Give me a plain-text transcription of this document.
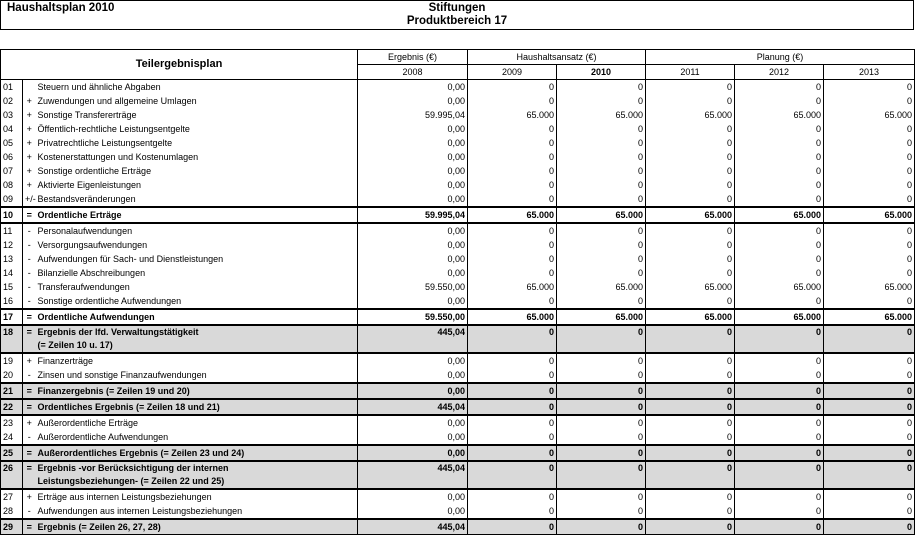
Haushaltsplan 2010	Stiftungen
Produktbereich 17
Teilergebnisplan			Ergebnis (€)	Haushaltsansatz (€)		Planung (€)		
			2008	2009	2010	2011	2012	2013
01		Steuern und ähnliche Abgaben	0,00	0	0	0	0	0
02	+	Zuwendungen und allgemeine Umlagen	0,00	0	0	0	0	0
03	+	Sonstige Transfererträge	59.995,04	65.000	65.000	65.000	65.000	65.000
04	+	Öffentlich-rechtliche Leistungsentgelte	0,00	0	0	0	0	0
05	+	Privatrechtliche Leistungsentgelte	0,00	0	0	0	0	0
06	+	Kostenerstattungen und Kostenumlagen	0,00	0	0	0	0	0
07	+	Sonstige ordentliche Erträge	0,00	0	0	0	0	0
08	+	Aktivierte Eigenleistungen	0,00	0	0	0	0	0
09	+/-	Bestandsveränderungen	0,00	0	0	0	0	0
10	=	Ordentliche Erträge	59.995,04	65.000	65.000	65.000	65.000	65.000
11	-	Personalaufwendungen	0,00	0	0	0	0	0
12	-	Versorgungsaufwendungen	0,00	0	0	0	0	0
13	-	Aufwendungen für Sach- und Dienstleistungen	0,00	0	0	0	0	0
14	-	Bilanzielle Abschreibungen	0,00	0	0	0	0	0
15	-	Transferaufwendungen	59.550,00	65.000	65.000	65.000	65.000	65.000
16	-	Sonstige ordentliche Aufwendungen	0,00	0	0	0	0	0
17	=	Ordentliche Aufwendungen	59.550,00	65.000	65.000	65.000	65.000	65.000
18	=	Ergebnis der lfd. Verwaltungstätigkeit
(= Zeilen 10 u. 17)	445,04	0	0	0	0	0
19	+	Finanzerträge	0,00	0	0	0	0	0
20	-	Zinsen und sonstige Finanzaufwendungen	0,00	0	0	0	0	0
21	=	Finanzergebnis (= Zeilen 19 und 20)	0,00	0	0	0	0	0
22	=	Ordentliches Ergebnis (= Zeilen 18 und 21)	445,04	0	0	0	0	0
23	+	Außerordentliche Erträge	0,00	0	0	0	0	0
24	-	Außerordentliche Aufwendungen	0,00	0	0	0	0	0
25	=	Außerordentliches Ergebnis (= Zeilen 23 und 24)	0,00	0	0	0	0	0
26	=	Ergebnis -vor Berücksichtigung der internen
Leistungsbeziehungen- (= Zeilen 22 und 25)	445,04	0	0	0	0	0
27	+	Erträge aus internen Leistungsbeziehungen	0,00	0	0	0	0	0
28	-	Aufwendungen aus internen Leistungsbeziehungen	0,00	0	0	0	0	0
29	=	Ergebnis (= Zeilen 26, 27, 28)	445,04	0	0	0	0	0
